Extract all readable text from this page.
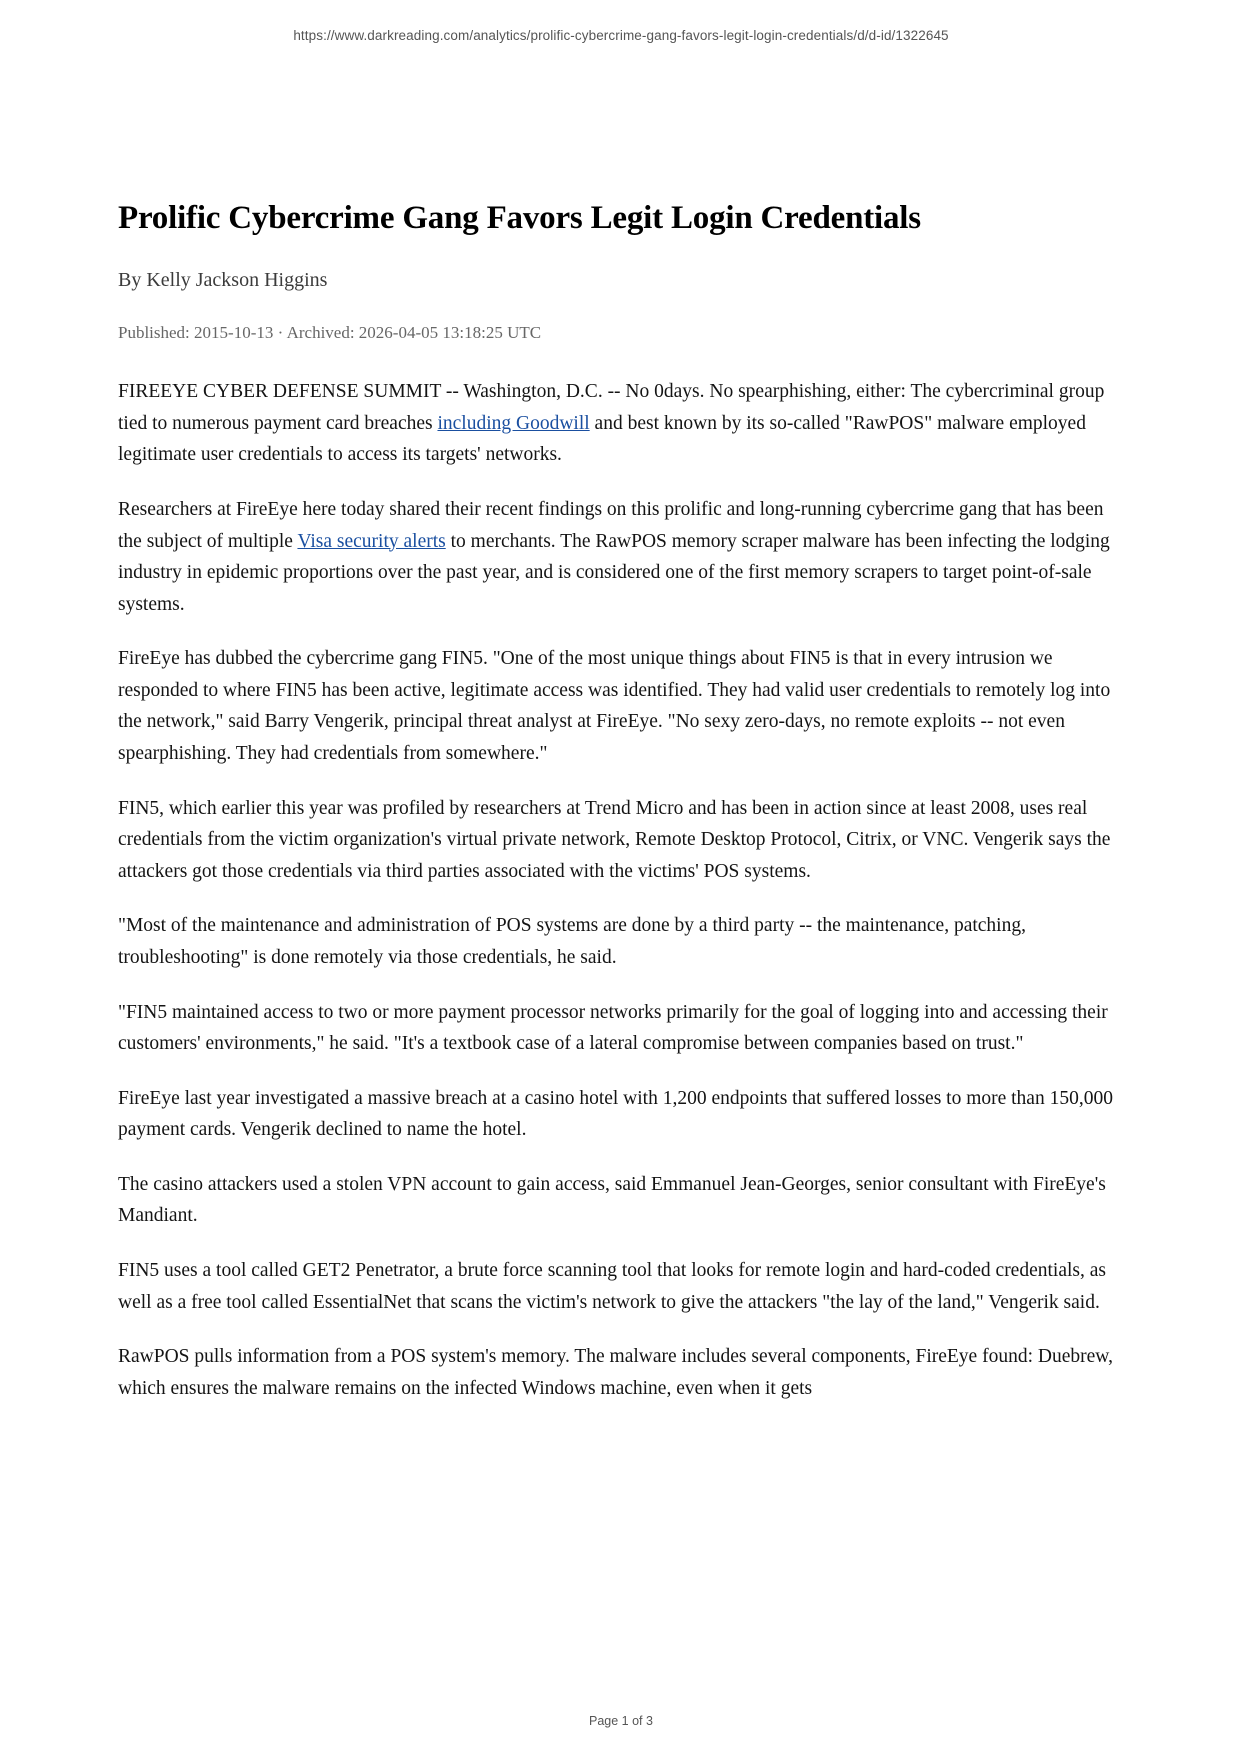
https://www.darkreading.com/analytics/prolific-cybercrime-gang-favors-legit-login-credentials/d/d-id/1322645
Prolific Cybercrime Gang Favors Legit Login Credentials
By Kelly Jackson Higgins
Published: 2015-10-13 · Archived: 2026-04-05 13:18:25 UTC

FIREEYE CYBER DEFENSE SUMMIT -- Washington, D.C. -- No 0days. No spearphishing, either: The cybercriminal group tied to numerous payment card breaches including Goodwill and best known by its so-called "RawPOS" malware employed legitimate user credentials to access its targets' networks.

Researchers at FireEye here today shared their recent findings on this prolific and long-running cybercrime gang that has been the subject of multiple Visa security alerts to merchants. The RawPOS memory scraper malware has been infecting the lodging industry in epidemic proportions over the past year, and is considered one of the first memory scrapers to target point-of-sale systems.

FireEye has dubbed the cybercrime gang FIN5. "One of the most unique things about FIN5 is that in every intrusion we responded to where FIN5 has been active, legitimate access was identified. They had valid user credentials to remotely log into the network," said Barry Vengerik, principal threat analyst at FireEye. "No sexy zero-days, no remote exploits -- not even spearphishing. They had credentials from somewhere."

FIN5, which earlier this year was profiled by researchers at Trend Micro and has been in action since at least 2008, uses real credentials from the victim organization's virtual private network, Remote Desktop Protocol, Citrix, or VNC. Vengerik says the attackers got those credentials via third parties associated with the victims' POS systems.

"Most of the maintenance and administration of POS systems are done by a third party -- the maintenance, patching, troubleshooting" is done remotely via those credentials, he said.

"FIN5 maintained access to two or more payment processor networks primarily for the goal of logging into and accessing their customers' environments," he said. "It's a textbook case of a lateral compromise between companies based on trust."

FireEye last year investigated a massive breach at a casino hotel with 1,200 endpoints that suffered losses to more than 150,000 payment cards. Vengerik declined to name the hotel.

The casino attackers used a stolen VPN account to gain access, said Emmanuel Jean-Georges, senior consultant with FireEye's Mandiant.

FIN5 uses a tool called GET2 Penetrator, a brute force scanning tool that looks for remote login and hard-coded credentials, as well as a free tool called EssentialNet that scans the victim's network to give the attackers "the lay of the land," Vengerik said.

RawPOS pulls information from a POS system's memory. The malware includes several components, FireEye found: Duebrew, which ensures the malware remains on the infected Windows machine, even when it gets

Page 1 of 3
